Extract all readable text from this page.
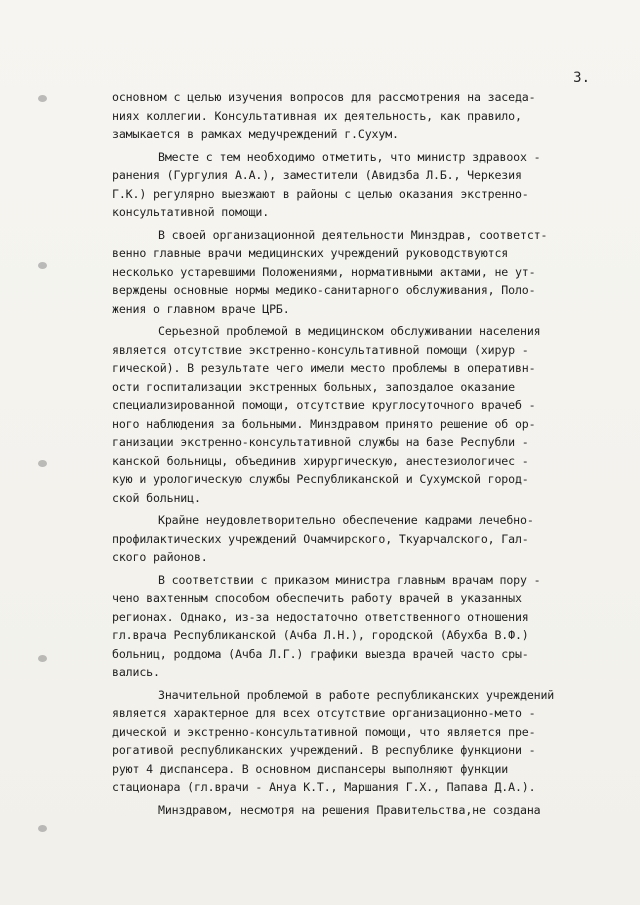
3.
основном с целью изучения вопросов для рассмотрения на заседа-
ниях коллегии. Консультативная их деятельность, как правило,
замыкается в рамках медучреждений г.Сухум.
Вместе с тем необходимо отметить, что министр здравоох -
ранения (Гургулия А.А.), заместители (Авидзба Л.Б., Черкезия
Г.К.) регулярно выезжают в районы с целью оказания экстренно-
консультативной помощи.
В своей организационной деятельности Минздрав, соответст-
венно главные врачи медицинских учреждений руководствуются
несколько устаревшими Положениями, нормативными актами, не ут-
верждены основные нормы медико-санитарного обслуживания, Поло-
жения о главном враче ЦРБ.
Серьезной проблемой в медицинском обслуживании населения
является отсутствие экстренно-консультативной помощи (хирур -
гической). В результате чего имели место проблемы в оперативн-
ости госпитализации экстренных больных, запоздалое оказание
специализированной помощи, отсутствие круглосуточного врачеб -
ного наблюдения за больными. Минздравом принято решение об ор-
ганизации экстренно-консультативной службы на базе Республи -
канской больницы, объединив хирургическую, анестезиологичес -
кую и урологическую службы Республиканской и Сухумской город-
ской больниц.
Крайне неудовлетворительно обеспечение кадрами лечебно-
профилактических учреждений Очамчирского, Ткуарчалского, Гал-
ского районов.
В соответствии с приказом министра главным врачам пору -
чено вахтенным способом обеспечить работу врачей в указанных
регионах. Однако, из-за недостаточно ответственного отношения
гл.врача Республиканской (Ачба Л.Н.), городской (Абухба В.Ф.)
больниц, роддома (Ачба Л.Г.) графики выезда врачей часто сры-
вались.
Значительной проблемой в работе республиканских учреждений
является характерное для всех отсутствие организационно-мето -
дической и экстренно-консультативной помощи, что является пре-
рогативой республиканских учреждений. В республике функциони -
руют 4 диспансера. В основном диспансеры выполняют функции
стационара (гл.врачи - Ануа К.Т., Маршания Г.Х., Папава Д.А.).
Минздравом, несмотря на решения Правительства,не создана
